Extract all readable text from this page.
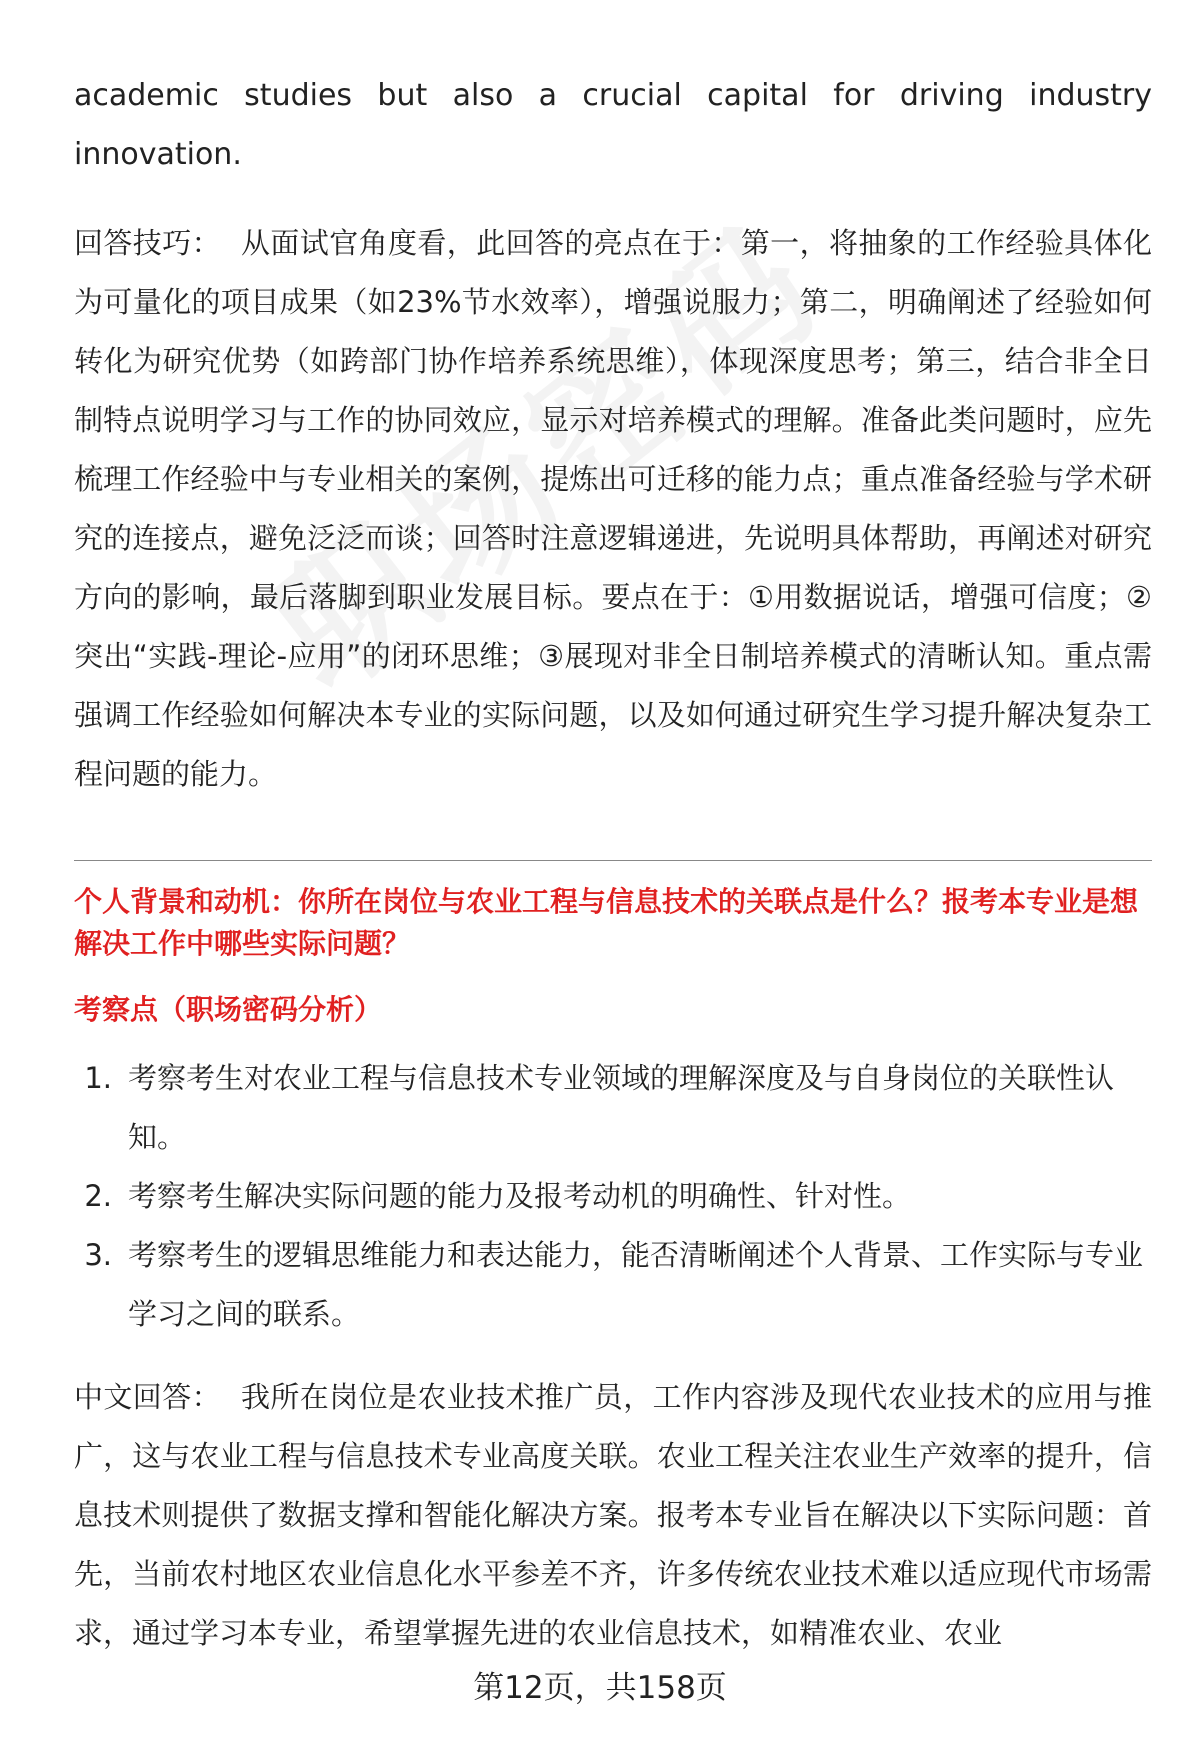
academic studies but also a crucial capital for driving industry innovation.

回答技巧： 从面试官角度看，此回答的亮点在于：第一，将抽象的工作经验具体化为可量化的项目成果（如23%节水效率），增强说服力；第二，明确阐述了经验如何转化为研究优势（如跨部门协作培养系统思维），体现深度思考；第三，结合非全日制特点说明学习与工作的协同效应，显示对培养模式的理解。准备此类问题时，应先梳理工作经验中与专业相关的案例，提炼出可迁移的能力点；重点准备经验与学术研究的连接点，避免泛泛而谈；回答时注意逻辑递进，先说明具体帮助，再阐述对研究方向的影响，最后落脚到职业发展目标。要点在于：①用数据说话，增强可信度；②突出“实践-理论-应用”的闭环思维；③展现对非全日制培养模式的清晰认知。重点需强调工作经验如何解决本专业的实际问题，以及如何通过研究生学习提升解决复杂工程问题的能力。

个人背景和动机：你所在岗位与农业工程与信息技术的关联点是什么？报考本专业是想解决工作中哪些实际问题？

考察点（职场密码分析）

1. 考察考生对农业工程与信息技术专业领域的理解深度及与自身岗位的关联性认知。
2. 考察考生解决实际问题的能力及报考动机的明确性、针对性。
3. 考察考生的逻辑思维能力和表达能力，能否清晰阐述个人背景、工作实际与专业学习之间的联系。

中文回答： 我所在岗位是农业技术推广员，工作内容涉及现代农业技术的应用与推广，这与农业工程与信息技术专业高度关联。农业工程关注农业生产效率的提升，信息技术则提供了数据支撑和智能化解决方案。报考本专业旨在解决以下实际问题：首先，当前农村地区农业信息化水平参差不齐，许多传统农业技术难以适应现代市场需求，通过学习本专业，希望掌握先进的农业信息技术，如精准农业、农业

第12页，共158页
